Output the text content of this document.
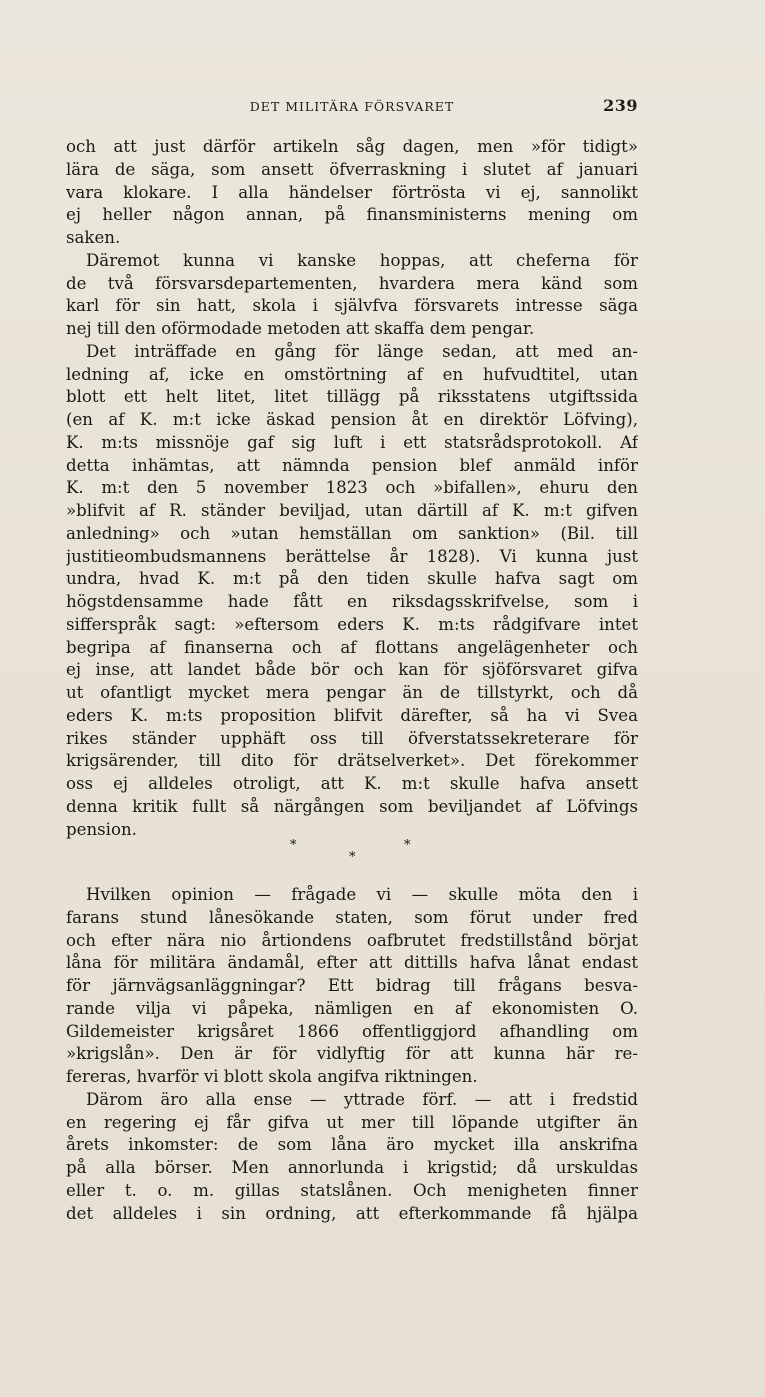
DET MILITÄRA FÖRSVARET	239
och att just därför artikeln såg dagen, men »för tidigt»
lära de säga, som ansett öfverraskning i slutet af januari
vara klokare. I alla händelser förtrösta vi ej, sannolikt
ej heller någon annan, på finansministerns mening om
saken.
Däremot kunna vi kanske hoppas, att cheferna för
de två försvarsdepartementen, hvardera mera känd som
karl för sin hatt, skola i självfva försvarets intresse säga
nej till den oförmodade metoden att skaffa dem pengar.
Det inträffade en gång för länge sedan, att med an-
ledning af, icke en omstörtning af en hufvudtitel, utan
blott ett helt litet, litet tillägg på riksstatens utgiftssida
(en af K. m:t icke äskad pension åt en direktör Löfving),
K. m:ts missnöje gaf sig luft i ett statsrådsprotokoll. Af
detta inhämtas, att nämnda pension blef anmäld inför
K. m:t den 5 november 1823 och »bifallen», ehuru den
»blifvit af R. ständer beviljad, utan därtill af K. m:t gifven
anledning» och »utan hemställan om sanktion» (Bil. till
justitieombudsmannens berättelse år 1828). Vi kunna just
undra, hvad K. m:t på den tiden skulle hafva sagt om
högstdensamme hade fått en riksdagsskrifvelse, som i
sifferspråk sagt: »eftersom eders K. m:ts rådgifvare intet
begripa af finanserna och af flottans angelägenheter och
ej inse, att landet både bör och kan för sjöförsvaret gifva
ut ofantligt mycket mera pengar än de tillstyrkt, och då
eders K. m:ts proposition blifvit därefter, så ha vi Svea
rikes ständer upphäft oss till öfverstatssekreterare för
krigsärender, till dito för drätselverket». Det förekommer
oss ej alldeles otroligt, att K. m:t skulle hafva ansett
denna kritik fullt så närgången som beviljandet af Löfvings
pension.
*
*
*
Hvilken opinion — frågade vi — skulle möta den i
farans stund lånesökande staten, som förut under fred
och efter nära nio årtiondens oafbrutet fredstillstånd börjat
låna för militära ändamål, efter att dittills hafva lånat endast
för järnvägsanläggningar? Ett bidrag till frågans besva-
rande vilja vi påpeka, nämligen en af ekonomisten O.
Gildemeister krigsåret 1866 offentliggjord afhandling om
»krigslån». Den är för vidlyftig för att kunna här re-
fereras, hvarför vi blott skola angifva riktningen.
Därom äro alla ense — yttrade förf. — att i fredstid
en regering ej får gifva ut mer till löpande utgifter än
årets inkomster: de som låna äro mycket illa anskrifna
på alla börser. Men annorlunda i krigstid; då urskuldas
eller t. o. m. gillas statslånen. Och menigheten finner
det alldeles i sin ordning, att efterkommande få hjälpa
